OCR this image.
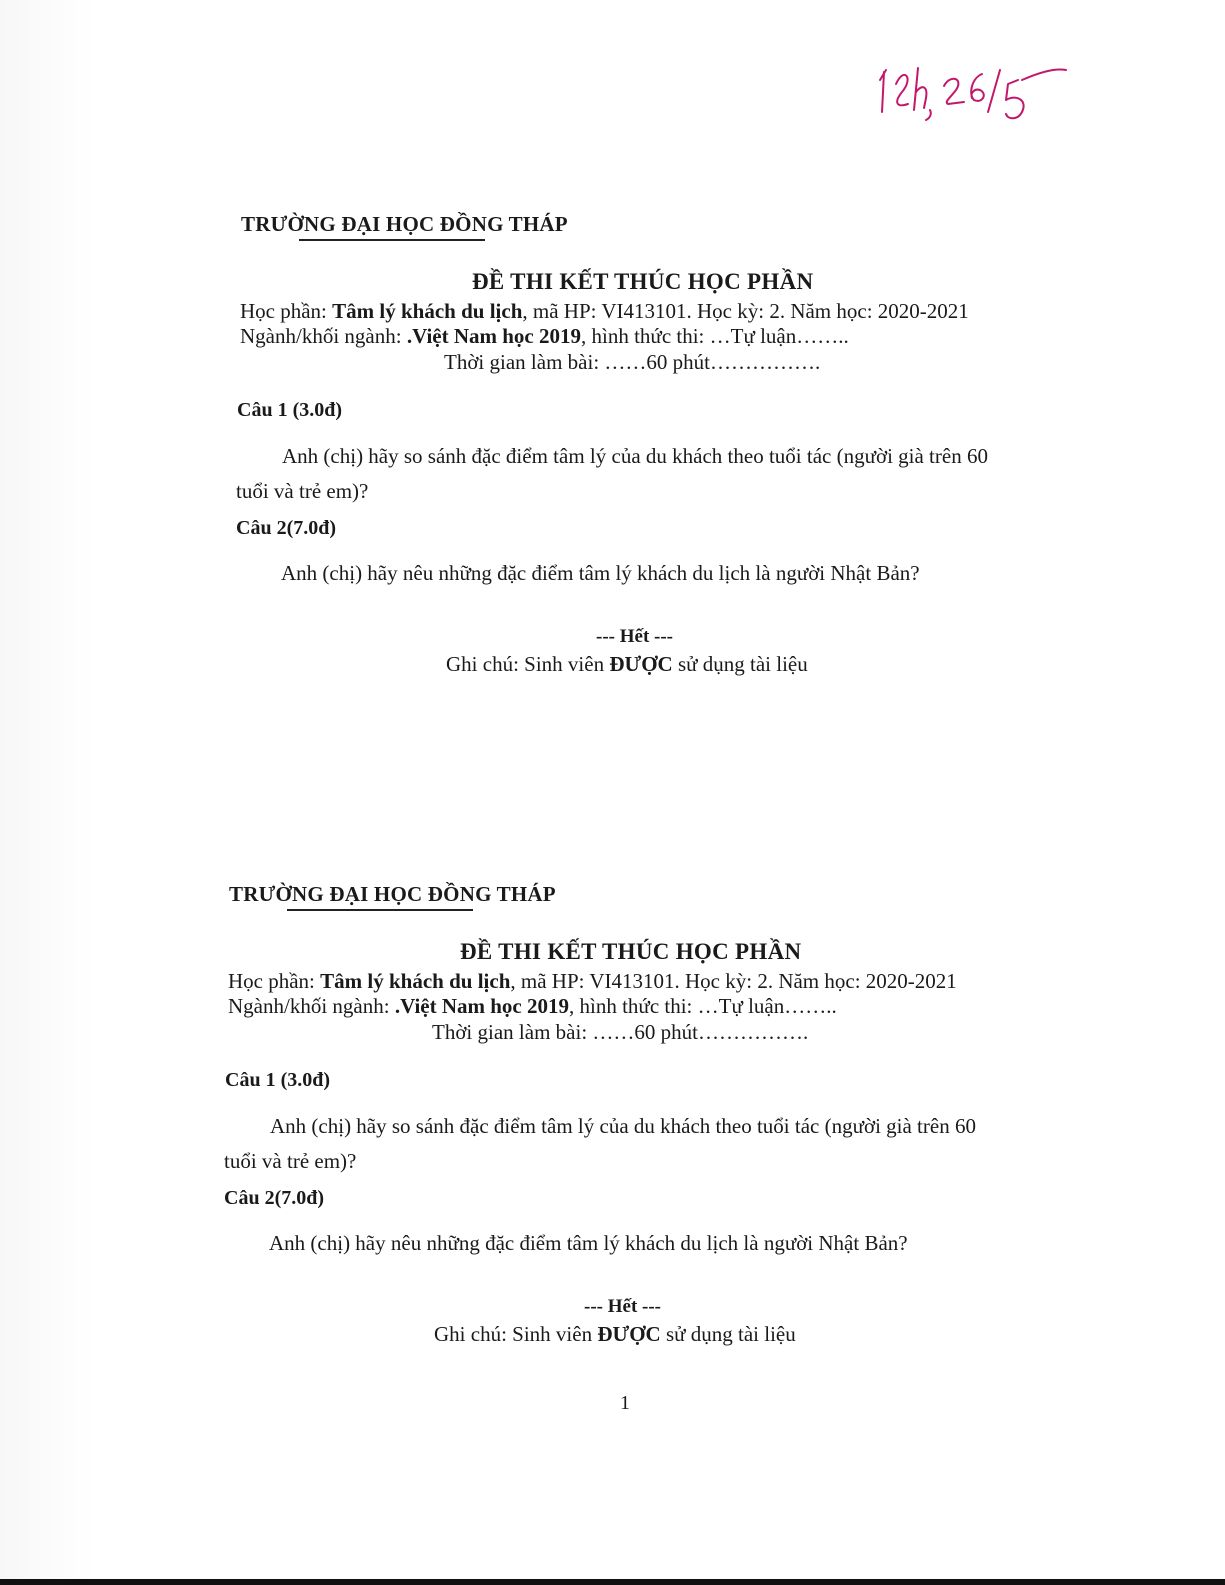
TRƯỜNG ĐẠI HỌC ĐỒNG THÁP
ĐỀ THI KẾT THÚC HỌC PHẦN
Học phần: Tâm lý khách du lịch, mã HP: VI413101. Học kỳ: 2. Năm học: 2020-2021
Ngành/khối ngành: .Việt Nam học 2019, hình thức thi: …Tự luận……..
Thời gian làm bài: ……60 phút…………….
Câu 1 (3.0đ)
Anh (chị) hãy so sánh đặc điểm tâm lý của du khách theo tuổi tác (người già trên 60
tuổi và trẻ em)?
Câu 2(7.0đ)
Anh (chị) hãy nêu những đặc điểm tâm lý khách du lịch là người Nhật Bản?
--- Hết ---
Ghi chú: Sinh viên ĐƯỢC sử dụng tài liệu
TRƯỜNG ĐẠI HỌC ĐỒNG THÁP
ĐỀ THI KẾT THÚC HỌC PHẦN
Học phần: Tâm lý khách du lịch, mã HP: VI413101. Học kỳ: 2. Năm học: 2020-2021
Ngành/khối ngành: .Việt Nam học 2019, hình thức thi: …Tự luận……..
Thời gian làm bài: ……60 phút…………….
Câu 1 (3.0đ)
Anh (chị) hãy so sánh đặc điểm tâm lý của du khách theo tuổi tác (người già trên 60
tuổi và trẻ em)?
Câu 2(7.0đ)
Anh (chị) hãy nêu những đặc điểm tâm lý khách du lịch là người Nhật Bản?
--- Hết ---
Ghi chú: Sinh viên ĐƯỢC sử dụng tài liệu
1
